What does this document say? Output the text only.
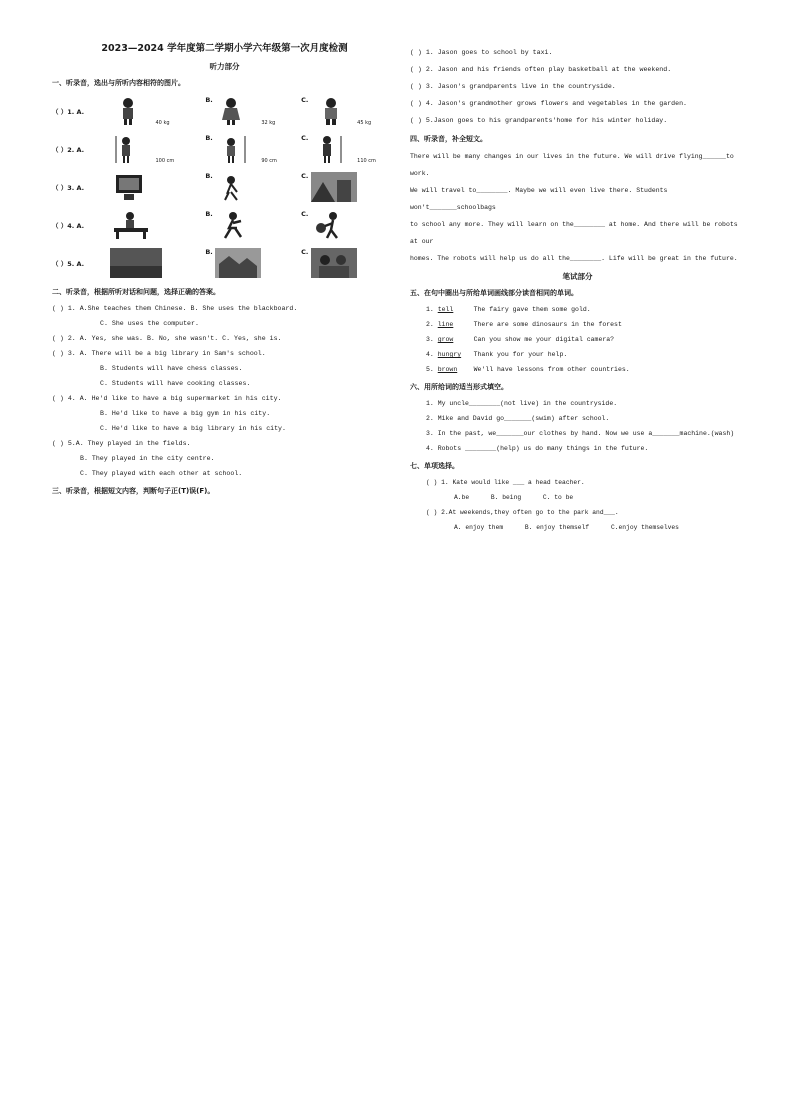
2023—2024 学年度第二学期小学六年级第一次月度检测
听力部分
一、听录音，选出与所听内容相符的图片。
（ ）1. A.
40 kg
B.
32 kg
C.
45 kg
（ ）2. A.
100 cm
B.
90 cm
C.
110 cm
（ ）3. A.
B.	C.
（ ）4. A.
B.	C.
（ ）5. A.
B.	C.
二、听录音，根据所听对话和问题，选择正确的答案。
( ) 1. A.She teaches them Chinese. B. She uses the blackboard.
C. She uses the computer.
( ) 2. A. Yes, she was. B. No, she wasn't. C. Yes, she is.
( ) 3. A. There will be a big library in Sam's school.
B. Students will have chess classes.
C. Students will have cooking classes.
( ) 4. A. He'd like to have a big supermarket in his city.
B. He'd like to have a big gym in his city.
C. He'd like to have a big library in his city.
( ) 5.A. They played in the fields.
B. They played in the city centre.
C. They played with each other at school.
三、听录音，根据短文内容，判断句子正(T)误(F)。
( ) 1. Jason goes to school by taxi.
( ) 2. Jason and his friends often play basketball at the weekend.
( ) 3. Jason's grandparents live in the countryside.
( ) 4. Jason's grandmother grows flowers and vegetables in the garden.
( ) 5.Jason goes to his grandparents'home for his winter holiday.
四、听录音，补全短文。
There will be many changes in our lives in the future. We will drive flying______to work.
We will travel to________. Maybe we will even live there. Students won't_______schoolbags
to school any more. They will learn on the________ at home. And there will be robots at our
homes. The robots will help us do all the________. Life will be great in the future.
笔试部分
五、在句中圈出与所给单词画线部分读音相同的单词。
1. tell	The fairy gave them some gold.
2. line	There are some dinosaurs in the forest
3. grow	Can you show me your digital camera?
4. hungry Thank you for your help.
5. brown	We'll have lessons from other countries.
六、用所给词的适当形式填空。
1. My uncle________(not live) in the countryside.
2. Mike and David go_______(swim) after school.
3. In the past, we_______our clothes by hand. Now we use a_______machine.(wash)
4. Robots ________(help) us do many things in the future.
七、单项选择。
( ) 1. Kate would like ___ a head teacher.
A.be	B. being	C. to be
( ) 2.At weekends,they often go to the park and___.
A. enjoy them	B. enjoy themself	C.enjoy themselves
